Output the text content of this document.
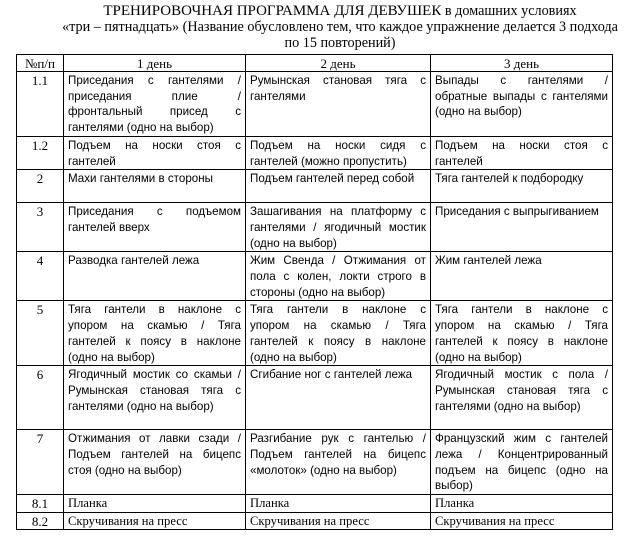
ТРЕНИРОВОЧНАЯ ПРОГРАММА ДЛЯ ДЕВУШЕК в домашних условиях
«три – пятнадцать» (Название обусловлено тем, что каждое упражнение делается 3 подхода по 15 повторений)
№п/п	1 день	2 день	3 день
1.1	Приседания с гантелями / приседания плие / фронтальный присед с гантелями (одно на выбор)	Румынская становая тяга с гантелями	Выпады с гантелями / обратные выпады с гантелями (одно на выбор)
1.2	Подъем на носки стоя с гантелей	Подъем на носки сидя с гантелей (можно пропустить)	Подъем на носки стоя с гантелей
2	Махи гантелями в стороны	Подъем гантелей перед собой	Тяга гантелей к подбородку
3	Приседания с подъемом гантелей вверх	Зашагивания на платформу с гантелями / ягодичный мостик (одно на выбор)	Приседания с выпрыгиванием
4	Разводка гантелей лежа	Жим Свенда / Отжимания от пола с колен, локти строго в стороны (одно на выбор)	Жим гантелей лежа
5	Тяга гантели в наклоне с упором на скамью / Тяга гантелей к поясу в наклоне (одно на выбор)	Тяга гантели в наклоне с упором на скамью / Тяга гантелей к поясу в наклоне (одно на выбор)	Тяга гантели в наклоне с упором на скамью / Тяга гантелей к поясу в наклоне (одно на выбор)
6	Ягодичный мостик со скамьи / Румынская становая тяга с гантелями (одно на выбор)	Сгибание ног с гантелей лежа	Ягодичный мостик с пола / Румынская становая тяга с гантелями (одно на выбор)
7	Отжимания от лавки сзади / Подъем гантелей на бицепс стоя (одно на выбор)	Разгибание рук с гантелью / Подъем гантелей на бицепс «молоток» (одно на выбор)	Французский жим с гантелей лежа / Концентрированный подъем на бицепс (одно на выбор)
8.1	Планка	Планка	Планка
8.2	Скручивания на пресс	Скручивания на пресс	Скручивания на пресс
